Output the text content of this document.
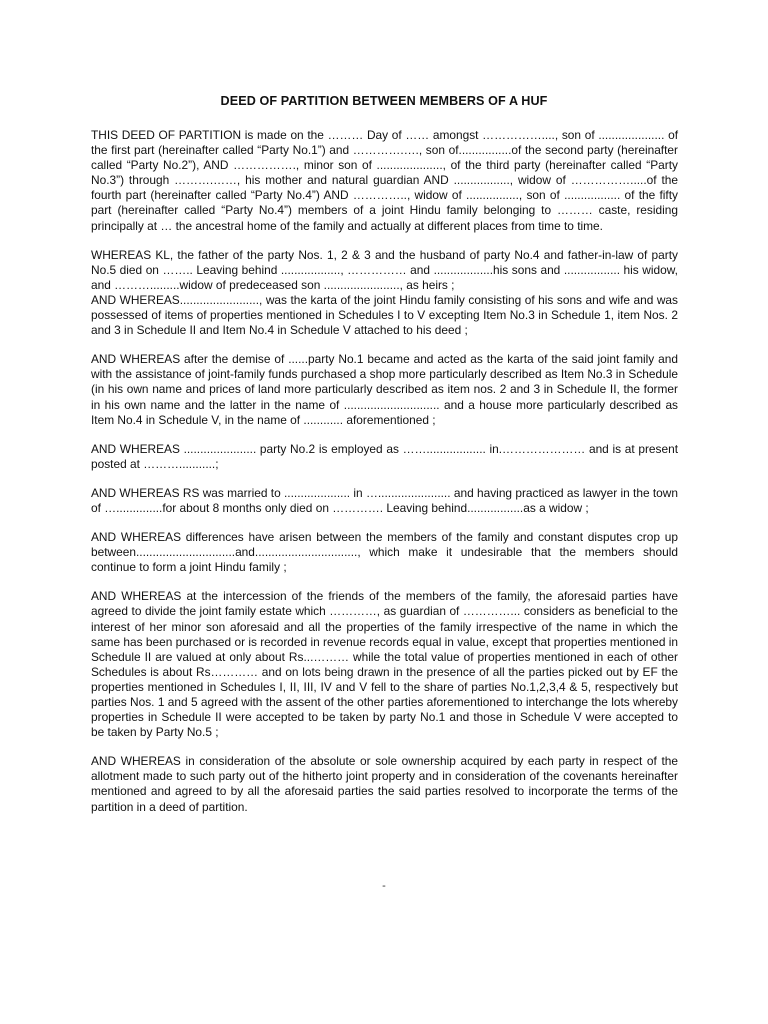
DEED OF PARTITION BETWEEN MEMBERS OF A HUF

THIS DEED OF PARTITION is made on the ……… Day of …… amongst ……………...., son of .................... of the first part (hereinafter called “Party No.1”) and ………….…., son of................of the second party (hereinafter called “Party No.2”), AND ……………., minor son of ...................., of the third party (hereinafter called “Party No.3”) through ……….……, his mother and natural guardian AND ................., widow of …………….....of the fourth part (hereinafter called “Party No.4”) AND ………….., widow of ................, son of ................. of the fifty part (hereinafter called “Party No.4”) members of a joint Hindu family belonging to ……… caste, residing principally at … the ancestral home of the family and actually at different places from time to time.

WHEREAS KL, the father of the party Nos. 1, 2 & 3 and the husband of party No.4 and father-in-law of party No.5 died on …….. Leaving behind .................., …………… and ..................his sons and ................. his widow, and ……….........widow of predeceased son ......................., as heirs ;

AND WHEREAS........................, was the karta of the joint Hindu family consisting of his sons and wife and was possessed of items of properties mentioned in Schedules I to V excepting Item No.3 in Schedule 1, item Nos. 2 and 3 in Schedule II and Item No.4 in Schedule V attached to his deed ;

AND WHEREAS after the demise of ......party No.1 became and acted as the karta of the said joint family and with the assistance of joint-family funds purchased a shop more particularly described as Item No.3 in Schedule (in his own name and prices of land more particularly described as item nos. 2 and 3 in Schedule II, the former in his own name and the latter in the name of ............................. and a house more particularly described as Item No.4 in Schedule V, in the name of ............ aforementioned ;

AND WHEREAS ...................... party No.2 is employed as …….................. in.………………… and is at present posted at ………...........;

AND WHEREAS RS was married to .................... in …...................... and having practiced as lawyer in the town of …..............for about 8 months only died on …………. Leaving behind.................as a widow ;

AND WHEREAS differences have arisen between the members of the family and constant disputes crop up between..............................and..............................., which make it undesirable that the members should continue to form a joint Hindu family ;

AND WHEREAS at the intercession of the friends of the members of the family, the aforesaid parties have agreed to divide the joint family estate which …………, as guardian of …………... considers as beneficial to the interest of her minor son aforesaid and all the properties of the family irrespective of the name in which the same has been purchased or is recorded in revenue records equal in value, except that properties mentioned in Schedule II are valued at only about Rs...……… while the total value of properties mentioned in each of other Schedules is about Rs………… and on lots being drawn in the presence of all the parties picked out by EF the properties mentioned in Schedules I, II, III, IV and V fell to the share of parties No.1,2,3,4 & 5, respectively but parties Nos. 1 and 5 agreed with the assent of the other parties aforementioned to interchange the lots whereby properties in Schedule II were accepted to be taken by party No.1 and those in Schedule V were accepted to be taken by Party No.5 ;

AND WHEREAS in consideration of the absolute or sole ownership acquired by each party in respect of the allotment made to such party out of the hitherto joint property and in consideration of the covenants hereinafter mentioned and agreed to by all the aforesaid parties the said parties resolved to incorporate the terms of the partition in a deed of partition.

-
